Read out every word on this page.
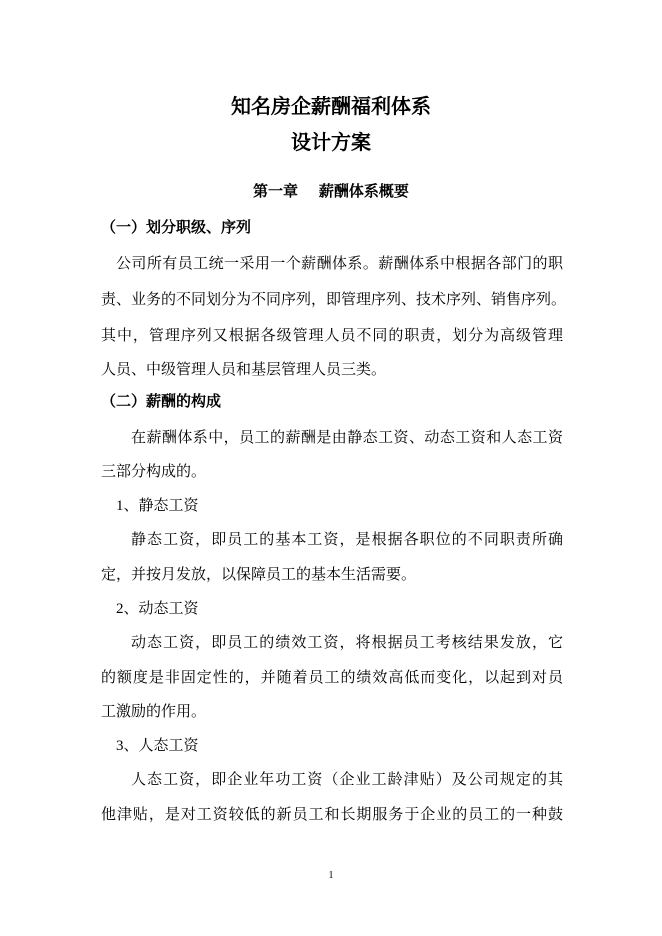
知名房企薪酬福利体系
设计方案
第一章    薪酬体系概要
（一）划分职级、序列
公司所有员工统一采用一个薪酬体系。薪酬体系中根据各部门的职
责、业务的不同划分为不同序列，即管理序列、技术序列、销售序列。
其中，管理序列又根据各级管理人员不同的职责，划分为高级管理
人员、中级管理人员和基层管理人员三类。
（二）薪酬的构成
在薪酬体系中，员工的薪酬是由静态工资、动态工资和人态工资
三部分构成的。
1、静态工资
静态工资，即员工的基本工资，是根据各职位的不同职责所确
定，并按月发放，以保障员工的基本生活需要。
2、动态工资
动态工资，即员工的绩效工资，将根据员工考核结果发放，它
的额度是非固定性的，并随着员工的绩效高低而变化，以起到对员
工激励的作用。
3、人态工资
人态工资，即企业年功工资（企业工龄津贴）及公司规定的其
他津贴，是对工资较低的新员工和长期服务于企业的员工的一种鼓
1
